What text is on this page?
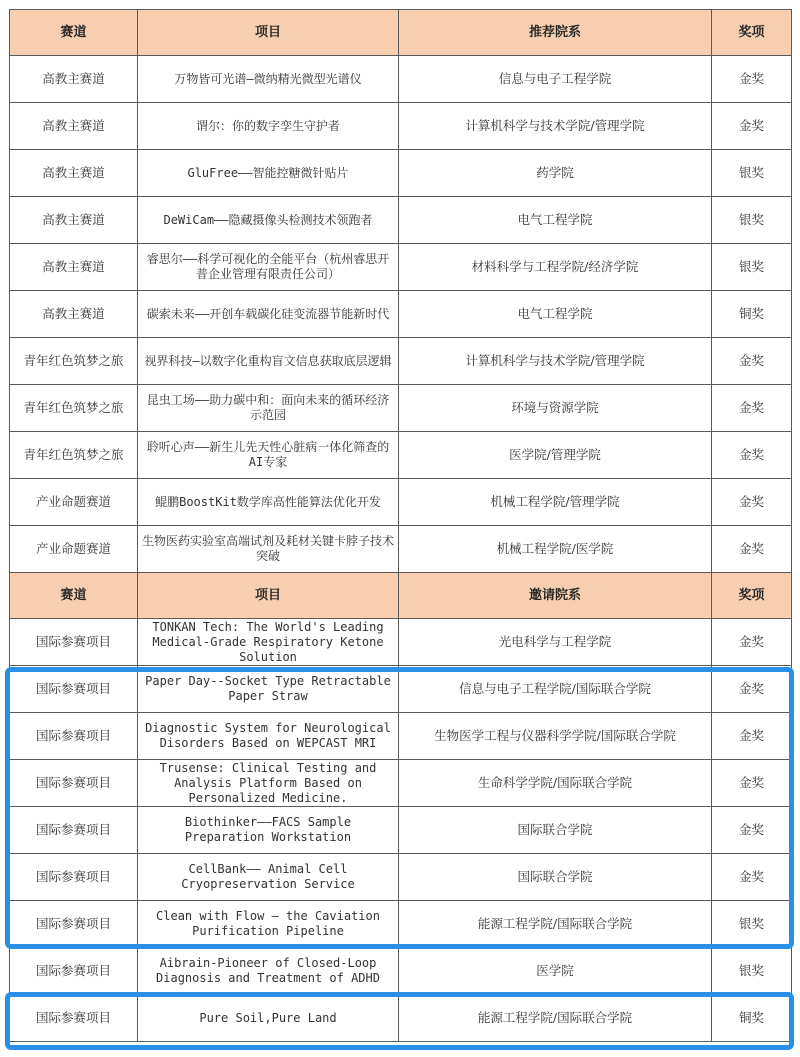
赛道	项目	推荐院系	奖项
高教主赛道	万物皆可光谱—微纳精光微型光谱仪	信息与电子工程学院	金奖
高教主赛道	谓尔：你的数字孪生守护者	计算机科学与技术学院/管理学院	金奖
高教主赛道	GluFree——智能控糖微针贴片	药学院	银奖
高教主赛道	DeWiCam——隐藏摄像头检测技术领跑者	电气工程学院	银奖
高教主赛道	睿思尔——科学可视化的全能平台（杭州睿思开普企业管理有限责任公司）	材料科学与工程学院/经济学院	银奖
高教主赛道	碳索未来——开创车载碳化硅变流器节能新时代	电气工程学院	铜奖
青年红色筑梦之旅	视界科技—以数字化重构盲文信息获取底层逻辑	计算机科学与技术学院/管理学院	金奖
青年红色筑梦之旅	昆虫工场——助力碳中和：面向未来的循环经济示范园	环境与资源学院	金奖
青年红色筑梦之旅	聆听心声——新生儿先天性心脏病一体化筛查的AI专家	医学院/管理学院	金奖
产业命题赛道	鲲鹏BoostKit数学库高性能算法优化开发	机械工程学院/管理学院	金奖
产业命题赛道	生物医药实验室高端试剂及耗材关键卡脖子技术突破	机械工程学院/医学院	金奖
赛道	项目	邀请院系	奖项
国际参赛项目	TONKAN Tech: The World's Leading Medical-Grade Respiratory Ketone Solution	光电科学与工程学院	金奖
国际参赛项目	Paper Day--Socket Type Retractable Paper Straw	信息与电子工程学院/国际联合学院	金奖
国际参赛项目	Diagnostic System for Neurological Disorders Based on WEPCAST MRI	生物医学工程与仪器科学学院/国际联合学院	金奖
国际参赛项目	Trusense: Clinical Testing and Analysis Platform Based on Personalized Medicine.	生命科学学院/国际联合学院	金奖
国际参赛项目	Biothinker——FACS Sample Preparation Workstation	国际联合学院	金奖
国际参赛项目	CellBank—— Animal Cell Cryopreservation Service	国际联合学院	金奖
国际参赛项目	Clean with Flow — the Caviation Purification Pipeline	能源工程学院/国际联合学院	银奖
国际参赛项目	Aibrain-Pioneer of Closed-Loop Diagnosis and Treatment of ADHD	医学院	银奖
国际参赛项目	Pure Soil,Pure Land	能源工程学院/国际联合学院	铜奖
